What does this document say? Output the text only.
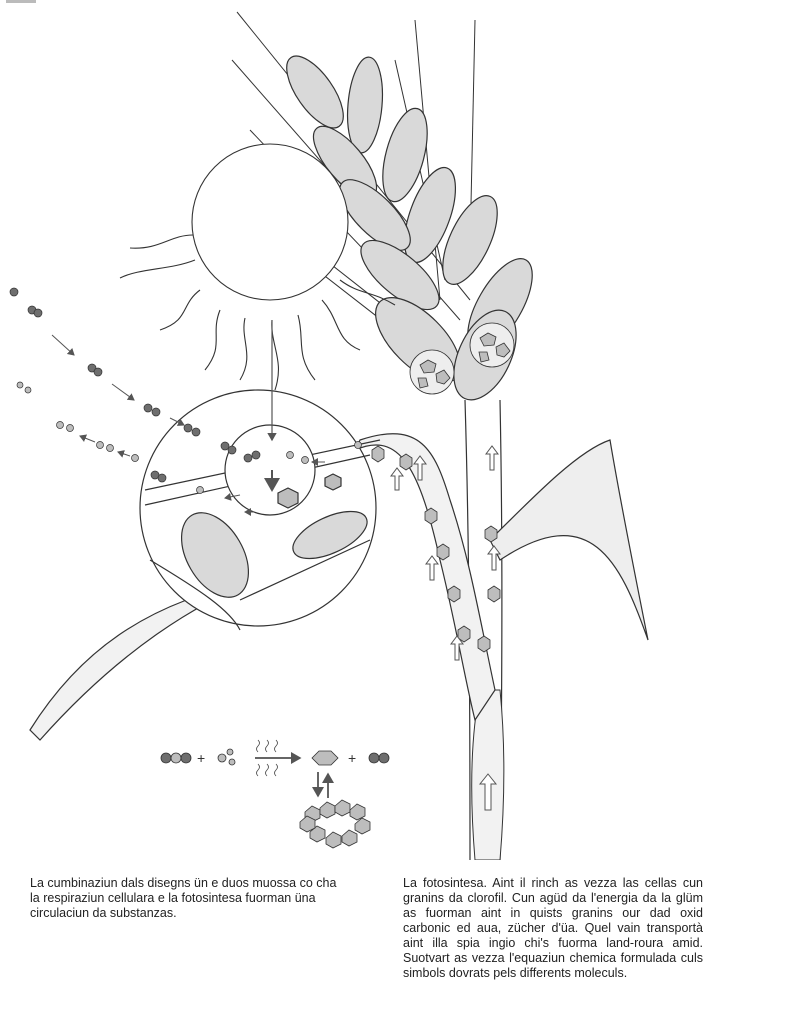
+	+

La cumbinaziun dals disegns ün e duos muossa co cha la respiraziun cellulara e la fotosintesa fuorman üna circulaciun da substanzas.

La fotosintesa. Aint il rinch as vezza las cellas cun granins da clorofil. Cun agüd da l'energia da la glüm as fuorman aint in quists granins our dad oxid carbonic ed aua, zücher d'üa. Quel vain transportà aint illa spia ingio chi's fuorma land-roura amid. Suotvart as vezza l'equaziun chemica formulada culs simbols dovrats pels differents moleculs.
